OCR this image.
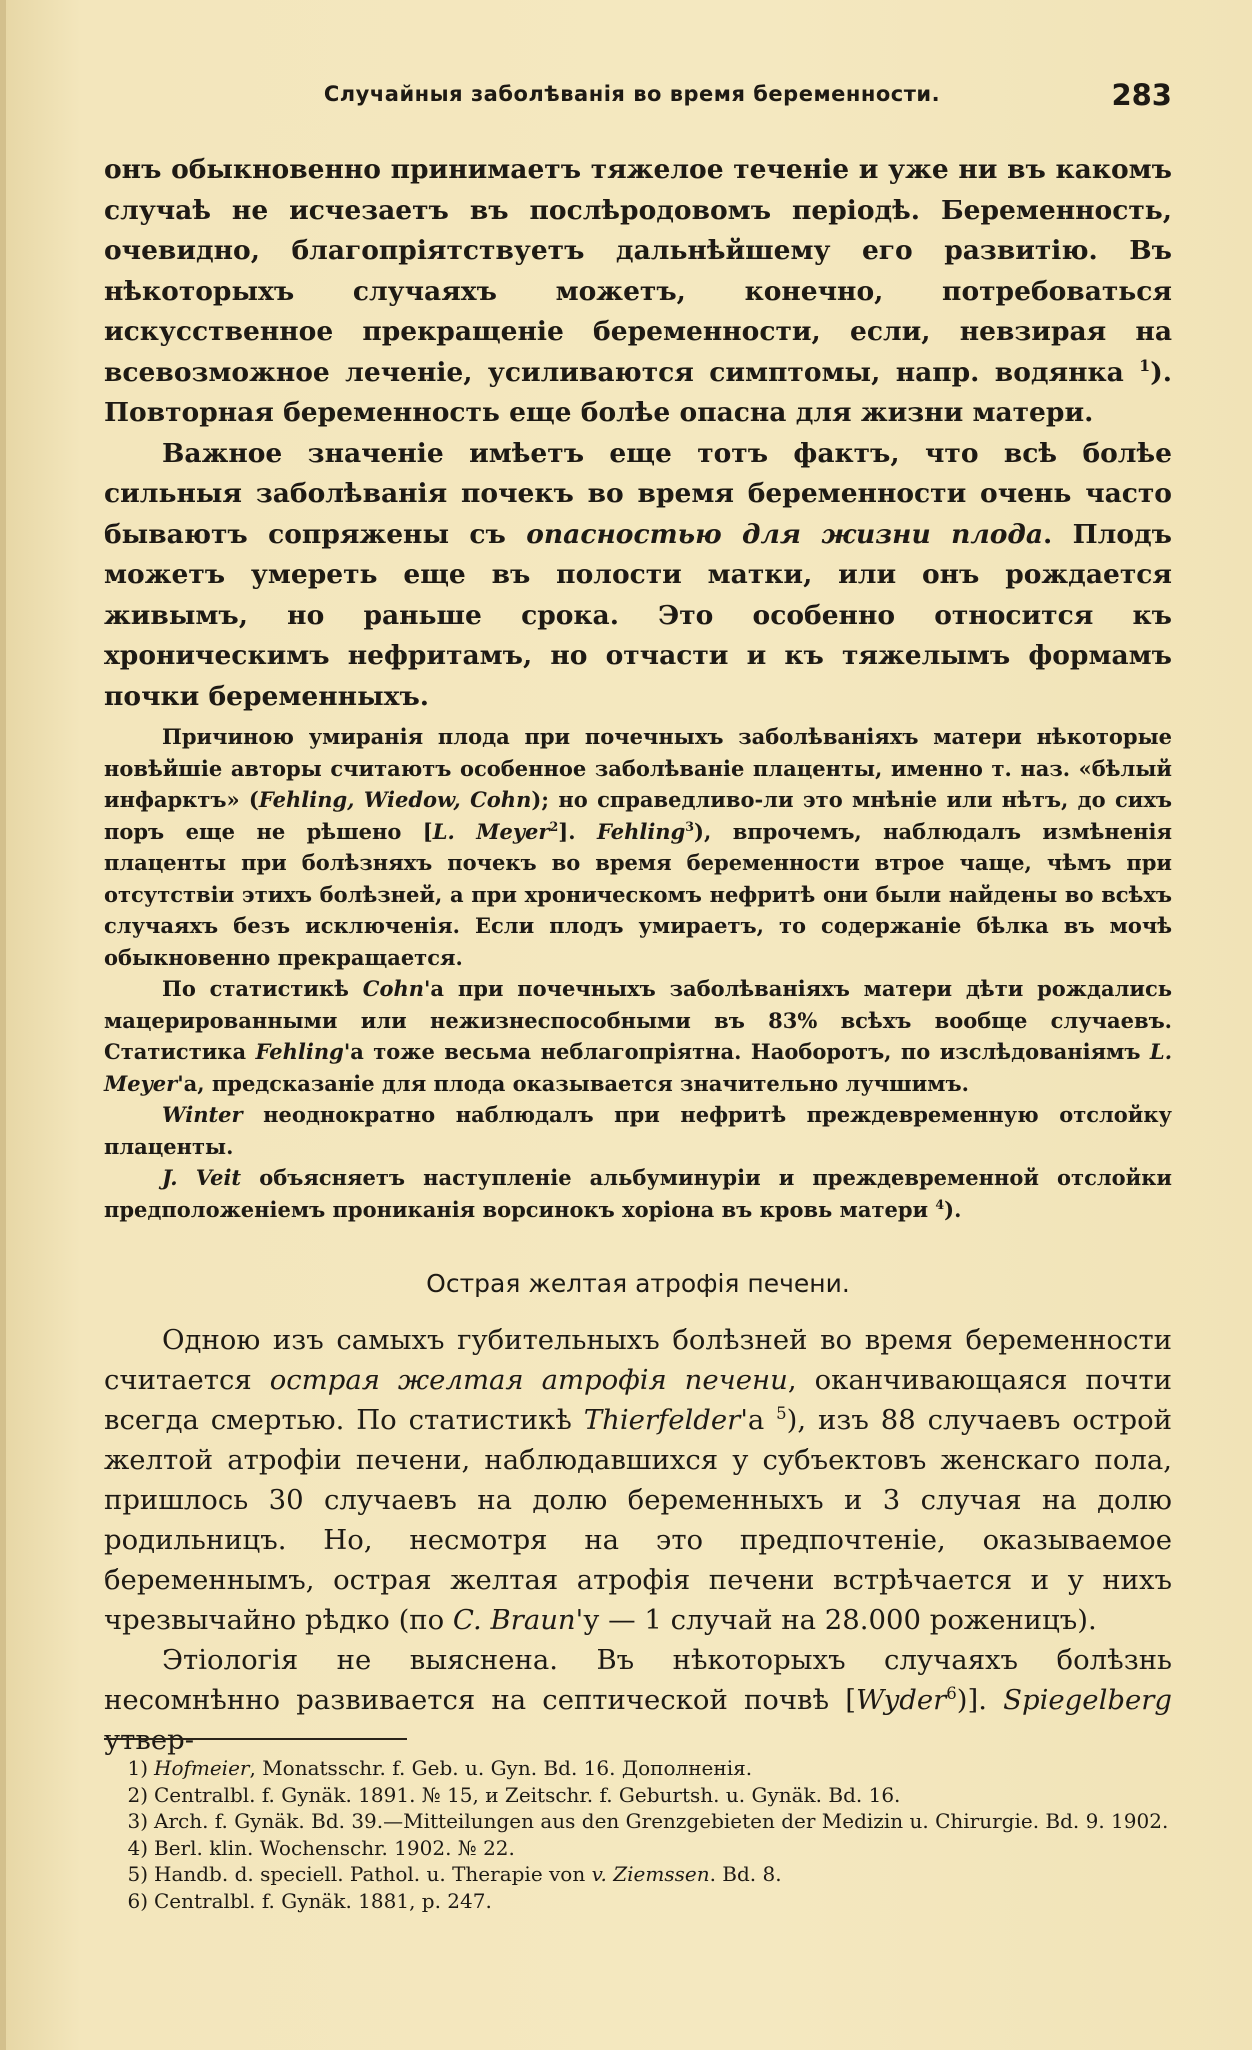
Случайныя заболѣванія во время беременности.	283

онъ обыкновенно принимаетъ тяжелое теченіе и уже ни въ какомъ случаѣ не исчезаетъ въ послѣродовомъ періодѣ. Беременность, очевидно, благопріятствуетъ дальнѣйшему его развитію. Въ нѣкоторыхъ случаяхъ можетъ, конечно, потребоваться искусственное прекращеніе беременности, если, невзирая на всевозможное леченіе, усиливаются симптомы, напр. водянка $^1$). Повторная беременность еще болѣе опасна для жизни матери.

Важное значеніе имѣетъ еще тотъ фактъ, что всѣ болѣе сильныя заболѣванія почекъ во время беременности очень часто бываютъ сопряжены съ опасностью для жизни плода. Плодъ можетъ умереть еще въ полости матки, или онъ рождается живымъ, но раньше срока. Это особенно относится къ хроническимъ нефритамъ, но отчасти и къ тяжелымъ формамъ почки беременныхъ.

Причиною умиранія плода при почечныхъ заболѣваніяхъ матери нѣкоторые новѣйшіе авторы считаютъ особенное заболѣваніе плаценты, именно т. наз. «бѣлый инфарктъ» (Fehling, Wiedow, Cohn); но справедливо-ли это мнѣніе или нѣтъ, до сихъ поръ еще не рѣшено [L. Meyer$^2$]. Fehling$^3$), впрочемъ, наблюдалъ измѣненія плаценты при болѣзняхъ почекъ во время беременности втрое чаще, чѣмъ при отсутствіи этихъ болѣзней, а при хроническомъ нефритѣ они были найдены во всѣхъ случаяхъ безъ исключенія. Если плодъ умираетъ, то содержаніе бѣлка въ мочѣ обыкновенно прекращается.

По статистикѣ Cohn'а при почечныхъ заболѣваніяхъ матери дѣти рождались мацерированными или нежизнеспособными въ 83% всѣхъ вообще случаевъ. Статистика Fehling'а тоже весьма неблагопріятна. Наоборотъ, по изслѣдованіямъ L. Meyer'а, предсказаніе для плода оказывается значительно лучшимъ.

Winter неоднократно наблюдалъ при нефритѣ преждевременную отслойку плаценты.

J. Veit объясняетъ наступленіе альбуминуріи и преждевременной отслойки предположеніемъ прониканія ворсинокъ хоріона въ кровь матери $^4$).

Острая желтая атрофія печени.

Одною изъ самыхъ губительныхъ болѣзней во время беременности считается острая желтая атрофія печени, оканчивающаяся почти всегда смертью. По статистикѣ Thierfelder'а $^5$), изъ 88 случаевъ острой желтой атрофіи печени, наблюдавшихся у субъектовъ женскаго пола, пришлось 30 случаевъ на долю беременныхъ и 3 случая на долю родильницъ. Но, несмотря на это предпочтеніе, оказываемое беременнымъ, острая желтая атрофія печени встрѣчается и у нихъ чрезвычайно рѣдко (по C. Braun'у — 1 случай на 28.000 роженицъ).

Этіологія не выяснена. Въ нѣкоторыхъ случаяхъ болѣзнь несомнѣнно развивается на септической почвѣ [Wyder$^6$)]. Spiegelberg утвер-

1) Hofmeier, Monatsschr. f. Geb. u. Gyn. Bd. 16. Дополненія.
2) Centralbl. f. Gynäk. 1891. № 15, и Zeitschr. f. Geburtsh. u. Gynäk. Bd. 16.
3) Arch. f. Gynäk. Bd. 39.—Mitteilungen aus den Grenzgebieten der Medizin u. Chirurgie. Bd. 9. 1902.
4) Berl. klin. Wochenschr. 1902. № 22.
5) Handb. d. speciell. Pathol. u. Therapie von v. Ziemssen. Bd. 8.
6) Centralbl. f. Gynäk. 1881, p. 247.
